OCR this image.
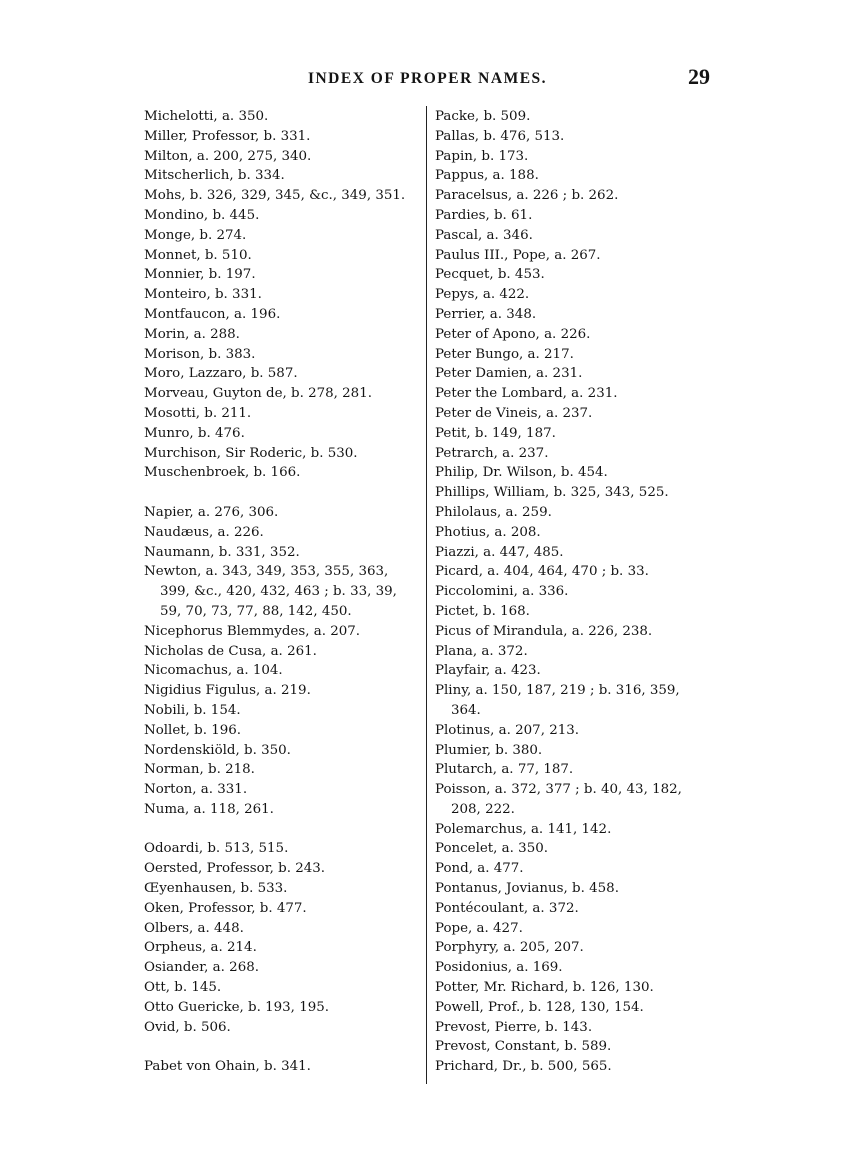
INDEX OF PROPER NAMES.	29
Michelotti, a. 350.
Miller, Professor, b. 331.
Milton, a. 200, 275, 340.
Mitscherlich, b. 334.
Mohs, b. 326, 329, 345, &c., 349, 351.
Mondino, b. 445.
Monge, b. 274.
Monnet, b. 510.
Monnier, b. 197.
Monteiro, b. 331.
Montfaucon, a. 196.
Morin, a. 288.
Morison, b. 383.
Moro, Lazzaro, b. 587.
Morveau, Guyton de, b. 278, 281.
Mosotti, b. 211.
Munro, b. 476.
Murchison, Sir Roderic, b. 530.
Muschenbroek, b. 166.
Napier, a. 276, 306.
Naudæus, a. 226.
Naumann, b. 331, 352.
Newton, a. 343, 349, 353, 355, 363,
399, &c., 420, 432, 463 ; b. 33, 39,
59, 70, 73, 77, 88, 142, 450.
Nicephorus Blemmydes, a. 207.
Nicholas de Cusa, a. 261.
Nicomachus, a. 104.
Nigidius Figulus, a. 219.
Nobili, b. 154.
Nollet, b. 196.
Nordenskiöld, b. 350.
Norman, b. 218.
Norton, a. 331.
Numa, a. 118, 261.
Odoardi, b. 513, 515.
Oersted, Professor, b. 243.
Œyenhausen, b. 533.
Oken, Professor, b. 477.
Olbers, a. 448.
Orpheus, a. 214.
Osiander, a. 268.
Ott, b. 145.
Otto Guericke, b. 193, 195.
Ovid, b. 506.
Pabet von Ohain, b. 341.
Packe, b. 509.
Pallas, b. 476, 513.
Papin, b. 173.
Pappus, a. 188.
Paracelsus, a. 226 ; b. 262.
Pardies, b. 61.
Pascal, a. 346.
Paulus III., Pope, a. 267.
Pecquet, b. 453.
Pepys, a. 422.
Perrier, a. 348.
Peter of Apono, a. 226.
Peter Bungo, a. 217.
Peter Damien, a. 231.
Peter the Lombard, a. 231.
Peter de Vineis, a. 237.
Petit, b. 149, 187.
Petrarch, a. 237.
Philip, Dr. Wilson, b. 454.
Phillips, William, b. 325, 343, 525.
Philolaus, a. 259.
Photius, a. 208.
Piazzi, a. 447, 485.
Picard, a. 404, 464, 470 ; b. 33.
Piccolomini, a. 336.
Pictet, b. 168.
Picus of Mirandula, a. 226, 238.
Plana, a. 372.
Playfair, a. 423.
Pliny, a. 150, 187, 219 ; b. 316, 359,
364.
Plotinus, a. 207, 213.
Plumier, b. 380.
Plutarch, a. 77, 187.
Poisson, a. 372, 377 ; b. 40, 43, 182,
208, 222.
Polemarchus, a. 141, 142.
Poncelet, a. 350.
Pond, a. 477.
Pontanus, Jovianus, b. 458.
Pontécoulant, a. 372.
Pope, a. 427.
Porphyry, a. 205, 207.
Posidonius, a. 169.
Potter, Mr. Richard, b. 126, 130.
Powell, Prof., b. 128, 130, 154.
Prevost, Pierre, b. 143.
Prevost, Constant, b. 589.
Prichard, Dr., b. 500, 565.
